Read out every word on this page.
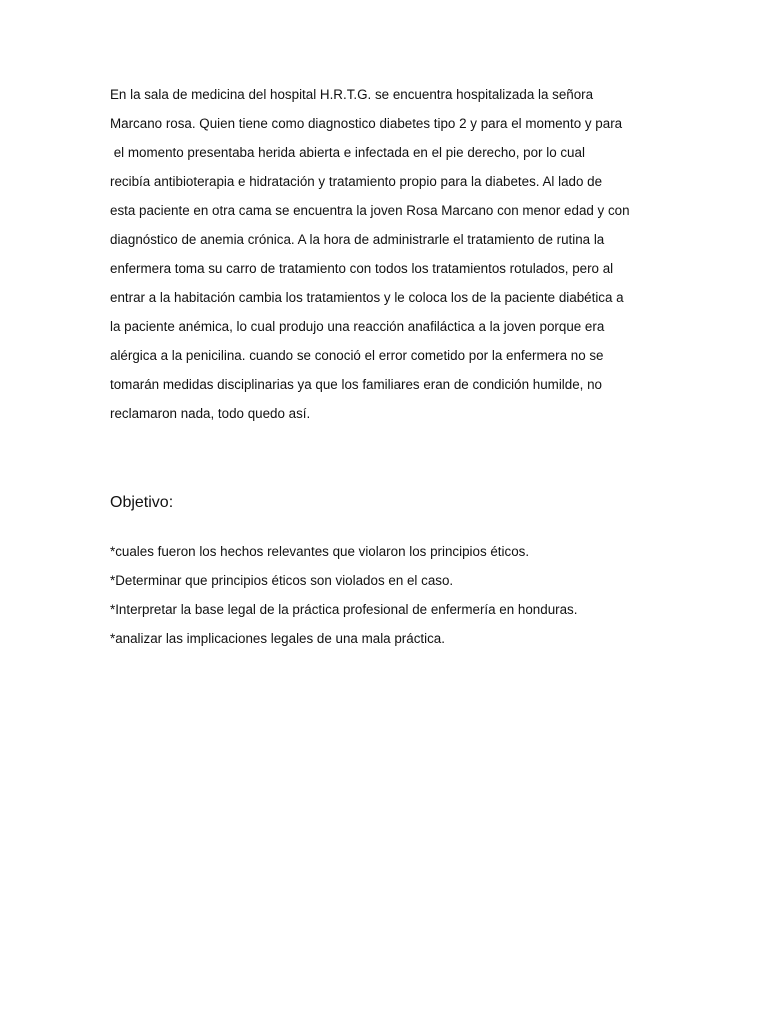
En la sala de medicina del hospital H.R.T.G. se encuentra hospitalizada la señora
Marcano rosa. Quien tiene como diagnostico diabetes tipo 2 y para el momento y para
el momento presentaba herida abierta e infectada en el pie derecho, por lo cual
recibía antibioterapia e hidratación y tratamiento propio para la diabetes. Al lado de
esta paciente en otra cama se encuentra la joven Rosa Marcano con menor edad y con
diagnóstico de anemia crónica. A la hora de administrarle el tratamiento de rutina la
enfermera toma su carro de tratamiento con todos los tratamientos rotulados, pero al
entrar a la habitación cambia los tratamientos y le coloca los de la paciente diabética a
la paciente anémica, lo cual produjo una reacción anafiláctica a la joven porque era
alérgica a la penicilina. cuando se conoció el error cometido por la enfermera no se
tomarán medidas disciplinarias ya que los familiares eran de condición humilde, no
reclamaron nada, todo quedo así.
Objetivo:
*cuales fueron los hechos relevantes que violaron los principios éticos.
*Determinar que principios éticos son violados en el caso.
*Interpretar la base legal de la práctica profesional de enfermería en honduras.
*analizar las implicaciones legales de una mala práctica.
